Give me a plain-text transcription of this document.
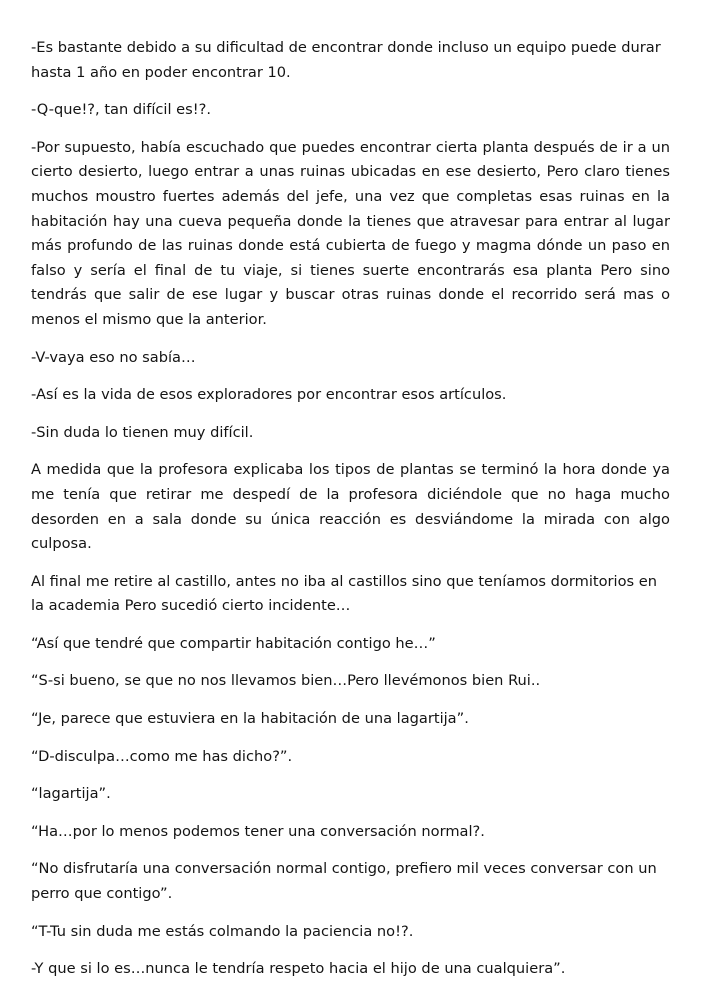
-Es bastante debido a su dificultad de encontrar donde incluso un equipo puede durar hasta 1 año en poder encontrar 10.

-Q-que!?, tan difícil es!?.

-Por supuesto, había escuchado que puedes encontrar cierta planta después de ir a un cierto desierto, luego entrar a unas ruinas ubicadas en ese desierto, Pero claro tienes muchos moustro fuertes además del jefe, una vez que completas esas ruinas en la habitación hay una cueva pequeña donde la tienes que atravesar para entrar al lugar más profundo de las ruinas donde está cubierta de fuego y magma dónde un paso en falso y sería el final de tu viaje, si tienes suerte encontrarás esa planta Pero sino tendrás que salir de ese lugar y buscar otras ruinas donde el recorrido será mas o menos el mismo que la anterior.

-V-vaya eso no sabía…

-Así es la vida de esos exploradores por encontrar esos artículos.

-Sin duda lo tienen muy difícil.

A medida que la profesora explicaba los tipos de plantas se terminó la hora donde ya me tenía que retirar me despedí de la profesora diciéndole que no haga mucho desorden en a sala donde su única reacción es desviándome la mirada con algo culposa.

Al final me retire al castillo, antes no iba al castillos sino que teníamos dormitorios en la academia Pero sucedió cierto incidente…

“Así que tendré que compartir habitación contigo he…”

“S-si bueno, se que no nos llevamos bien…Pero llevémonos bien Rui..

“Je, parece que estuviera en la habitación de una lagartija”.

“D-disculpa…como me has dicho?”.

“lagartija”.

“Ha…por lo menos podemos tener una conversación normal?.

“No disfrutaría una conversación normal contigo, prefiero mil veces conversar con un perro que contigo”.

“T-Tu sin duda me estás colmando la paciencia no!?.

-Y que si lo es…nunca le tendría respeto hacia el hijo de una cualquiera”.
